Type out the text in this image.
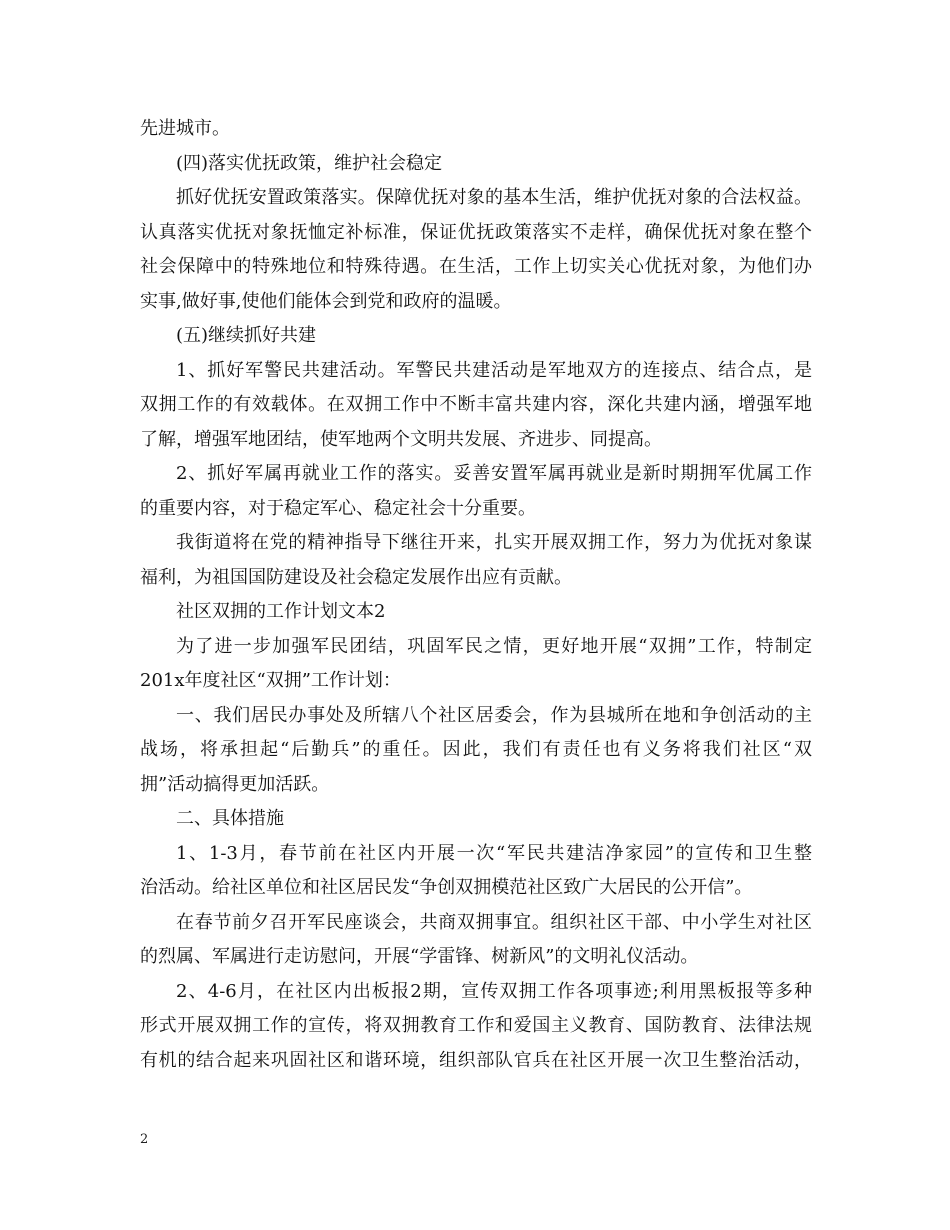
先进城市。
(四)落实优抚政策，维护社会稳定
抓好优抚安置政策落实。保障优抚对象的基本生活，维护优抚对象的合法权益。
认真落实优抚对象抚恤定补标准，保证优抚政策落实不走样，确保优抚对象在整个
社会保障中的特殊地位和特殊待遇。在生活，工作上切实关心优抚对象，为他们办
实事,做好事,使他们能体会到党和政府的温暖。
(五)继续抓好共建
1、抓好军警民共建活动。军警民共建活动是军地双方的连接点、结合点，是
双拥工作的有效载体。在双拥工作中不断丰富共建内容，深化共建内涵，增强军地
了解，增强军地团结，使军地两个文明共发展、齐进步、同提高。
2、抓好军属再就业工作的落实。妥善安置军属再就业是新时期拥军优属工作
的重要内容，对于稳定军心、稳定社会十分重要。
我街道将在党的精神指导下继往开来，扎实开展双拥工作，努力为优抚对象谋
福利，为祖国国防建设及社会稳定发展作出应有贡献。
社区双拥的工作计划文本2
为了进一步加强军民团结，巩固军民之情，更好地开展“双拥”工作，特制定
201x年度社区“双拥”工作计划：
一、我们居民办事处及所辖八个社区居委会，作为县城所在地和争创活动的主
战场，将承担起“后勤兵”的重任。因此，我们有责任也有义务将我们社区“双
拥”活动搞得更加活跃。
二、具体措施
1、1-3月，春节前在社区内开展一次“军民共建洁净家园”的宣传和卫生整
治活动。给社区单位和社区居民发“争创双拥模范社区致广大居民的公开信”。
在春节前夕召开军民座谈会，共商双拥事宜。组织社区干部、中小学生对社区
的烈属、军属进行走访慰问，开展“学雷锋、树新风”的文明礼仪活动。
2、4-6月，在社区内出板报2期，宣传双拥工作各项事迹;利用黑板报等多种
形式开展双拥工作的宣传，将双拥教育工作和爱国主义教育、国防教育、法律法规
有机的结合起来巩固社区和谐环境，组织部队官兵在社区开展一次卫生整治活动，
2
